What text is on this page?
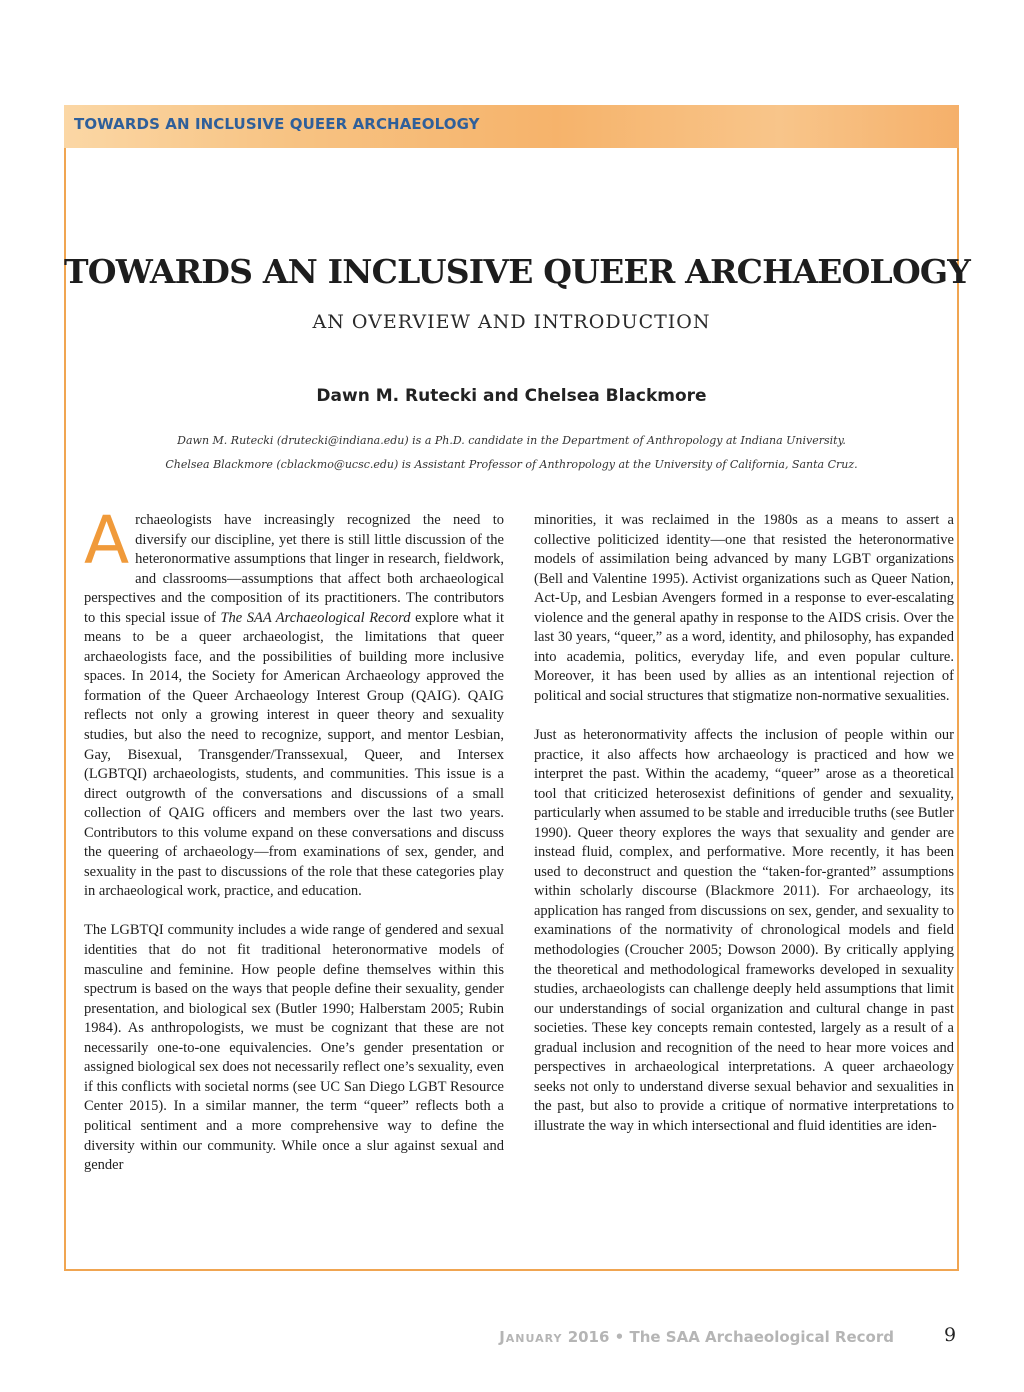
TOWARDS AN INCLUSIVE QUEER ARCHAEOLOGY
TOWARDS AN INCLUSIVE QUEER ARCHAEOLOGY
AN OVERVIEW AND INTRODUCTION
Dawn M. Rutecki and Chelsea Blackmore
Dawn M. Rutecki (drutecki@indiana.edu) is a Ph.D. candidate in the Department of Anthropology at Indiana University.
Chelsea Blackmore (cblackmo@ucsc.edu) is Assistant Professor of Anthropology at the University of California, Santa Cruz.

Archaeologists have increasingly recognized the need to diversify our discipline, yet there is still little discussion of the heteronormative assumptions that linger in research, fieldwork, and classrooms—assumptions that affect both archaeological perspectives and the composition of its practitioners. The contributors to this special issue of The SAA Archaeological Record explore what it means to be a queer archaeologist, the limitations that queer archaeologists face, and the possibilities of building more inclusive spaces. In 2014, the Society for American Archaeology approved the formation of the Queer Archaeology Interest Group (QAIG). QAIG reflects not only a growing interest in queer theory and sexuality studies, but also the need to recognize, support, and mentor Lesbian, Gay, Bisexual, Transgender/Transsexual, Queer, and Intersex (LGBTQI) archaeologists, students, and communities. This issue is a direct outgrowth of the conversations and discussions of a small collection of QAIG officers and members over the last two years. Contributors to this volume expand on these conversations and discuss the queering of archaeology—from examinations of sex, gender, and sexuality in the past to discussions of the role that these categories play in archaeological work, practice, and education.

The LGBTQI community includes a wide range of gendered and sexual identities that do not fit traditional heteronormative models of masculine and feminine. How people define themselves within this spectrum is based on the ways that people define their sexuality, gender presentation, and biological sex (Butler 1990; Halberstam 2005; Rubin 1984). As anthropologists, we must be cognizant that these are not necessarily one-to-one equivalencies. One’s gender presentation or assigned biological sex does not necessarily reflect one’s sexuality, even if this conflicts with societal norms (see UC San Diego LGBT Resource Center 2015). In a similar manner, the term “queer” reflects both a political sentiment and a more comprehensive way to define the diversity within our community. While once a slur against sexual and gender

minorities, it was reclaimed in the 1980s as a means to assert a collective politicized identity—one that resisted the heteronormative models of assimilation being advanced by many LGBT organizations (Bell and Valentine 1995). Activist organizations such as Queer Nation, Act-Up, and Lesbian Avengers formed in a response to ever-escalating violence and the general apathy in response to the AIDS crisis. Over the last 30 years, “queer,” as a word, identity, and philosophy, has expanded into academia, politics, everyday life, and even popular culture. Moreover, it has been used by allies as an intentional rejection of political and social structures that stigmatize non-normative sexualities.

Just as heteronormativity affects the inclusion of people within our practice, it also affects how archaeology is practiced and how we interpret the past. Within the academy, “queer” arose as a theoretical tool that criticized heterosexist definitions of gender and sexuality, particularly when assumed to be stable and irreducible truths (see Butler 1990). Queer theory explores the ways that sexuality and gender are instead fluid, complex, and performative. More recently, it has been used to deconstruct and question the “taken-for-granted” assumptions within scholarly discourse (Blackmore 2011). For archaeology, its application has ranged from discussions on sex, gender, and sexuality to examinations of the normativity of chronological models and field methodologies (Croucher 2005; Dowson 2000). By critically applying the theoretical and methodological frameworks developed in sexuality studies, archaeologists can challenge deeply held assumptions that limit our understandings of social organization and cultural change in past societies. These key concepts remain contested, largely as a result of a gradual inclusion and recognition of the need to hear more voices and perspectives in archaeological interpretations. A queer archaeology seeks not only to understand diverse sexual behavior and sexualities in the past, but also to provide a critique of normative interpretations to illustrate the way in which intersectional and fluid identities are iden-

January 2016 • The SAA Archaeological Record	9
